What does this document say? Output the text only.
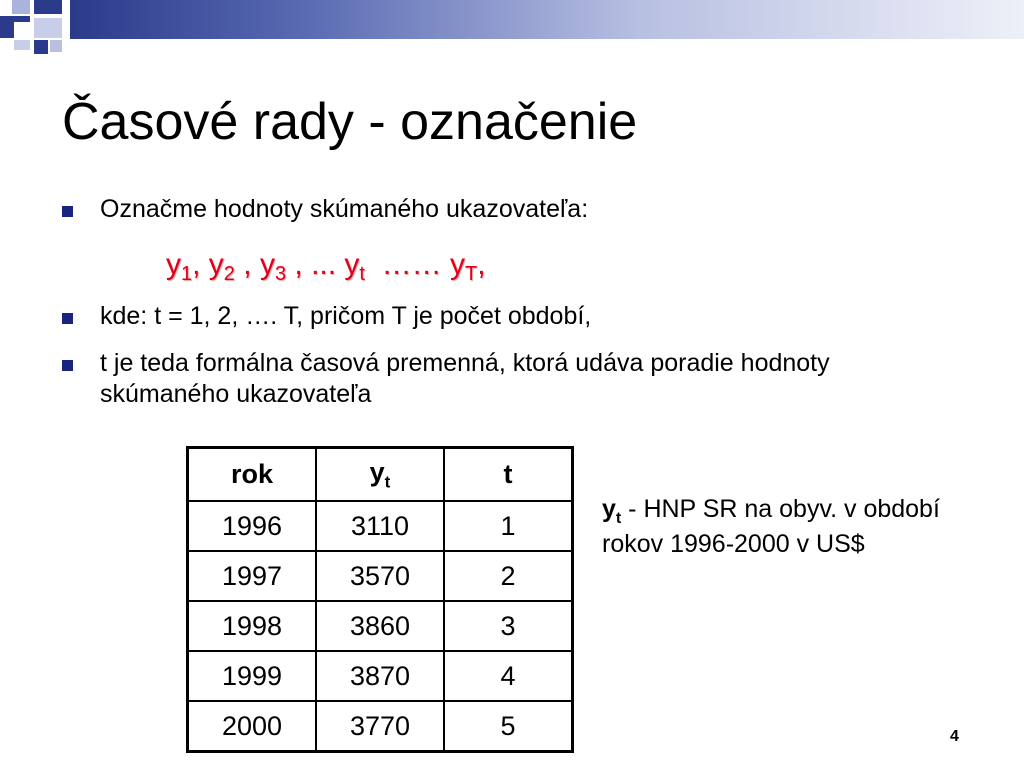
Časové rady - označenie
Označme hodnoty skúmaného ukazovateľa:
$y_1$, $y_2$ , $y_3$ , ... $y_t$  …… $y_T$,
kde: t = 1, 2, …. T, pričom T je počet období,
t je teda formálna časová premenná, ktorá udáva poradie hodnoty skúmaného ukazovateľa
rok	$y_t$	t
1996	3110	1
1997	3570	2
1998	3860	3
1999	3870	4
2000	3770	5
$y_t$ - HNP SR na obyv. v období rokov 1996-2000 v US$
4
